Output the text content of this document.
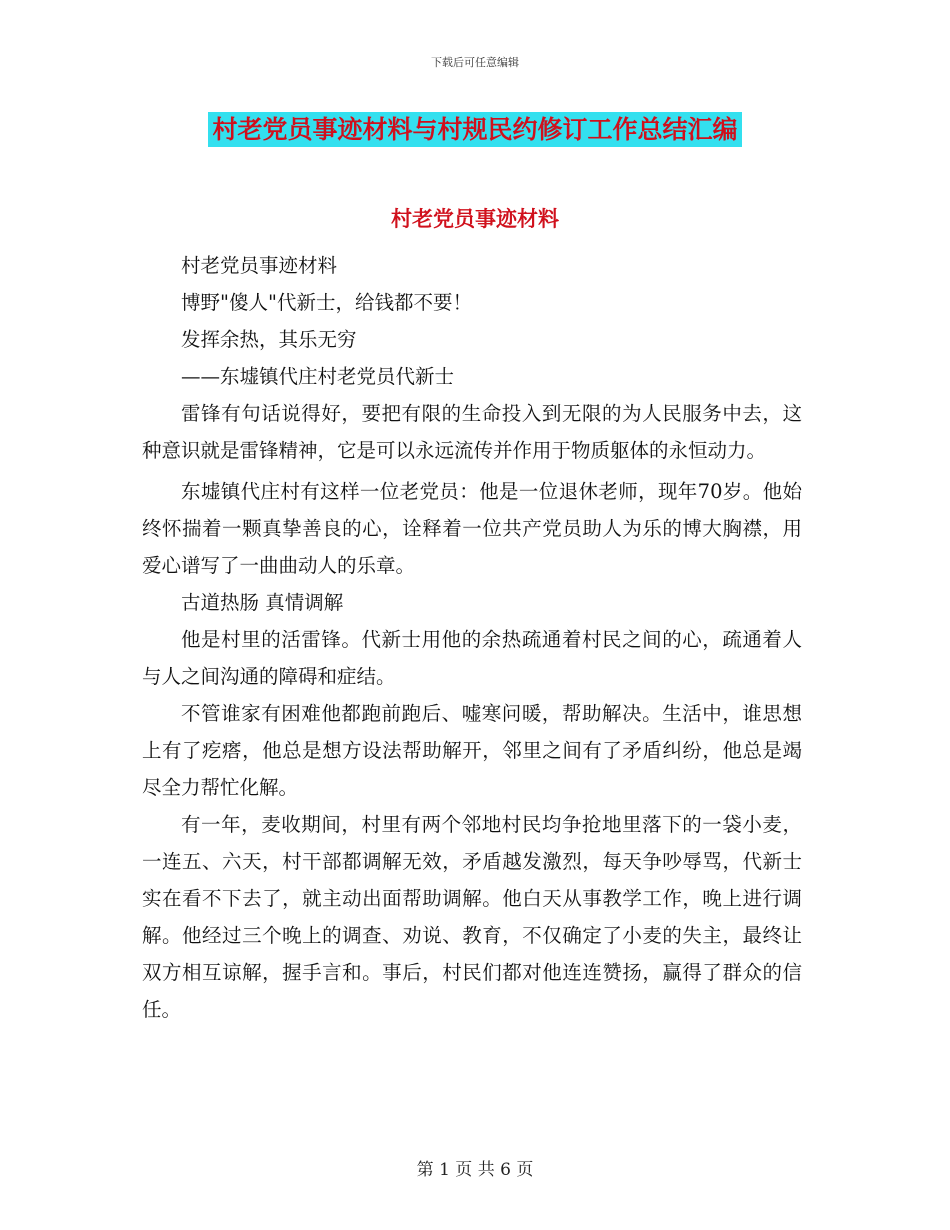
下载后可任意编辑
村老党员事迹材料与村规民约修订工作总结汇编
村老党员事迹材料

村老党员事迹材料

博野"傻人"代新士，给钱都不要！

发挥余热，其乐无穷

——东墟镇代庄村老党员代新士

雷锋有句话说得好，要把有限的生命投入到无限的为人民服务中去，这种意识就是雷锋精神，它是可以永远流传并作用于物质躯体的永恒动力。

东墟镇代庄村有这样一位老党员：他是一位退休老师，现年70岁。他始终怀揣着一颗真挚善良的心，诠释着一位共产党员助人为乐的博大胸襟，用爱心谱写了一曲曲动人的乐章。

古道热肠 真情调解

他是村里的活雷锋。代新士用他的余热疏通着村民之间的心，疏通着人与人之间沟通的障碍和症结。

不管谁家有困难他都跑前跑后、嘘寒问暖，帮助解决。生活中，谁思想上有了疙瘩，他总是想方设法帮助解开，邻里之间有了矛盾纠纷，他总是竭尽全力帮忙化解。

有一年，麦收期间，村里有两个邻地村民均争抢地里落下的一袋小麦，一连五、六天，村干部都调解无效，矛盾越发激烈，每天争吵辱骂，代新士实在看不下去了，就主动出面帮助调解。他白天从事教学工作，晚上进行调解。他经过三个晚上的调查、劝说、教育，不仅确定了小麦的失主，最终让双方相互谅解，握手言和。事后，村民们都对他连连赞扬，赢得了群众的信任。

第 1 页 共 6 页
